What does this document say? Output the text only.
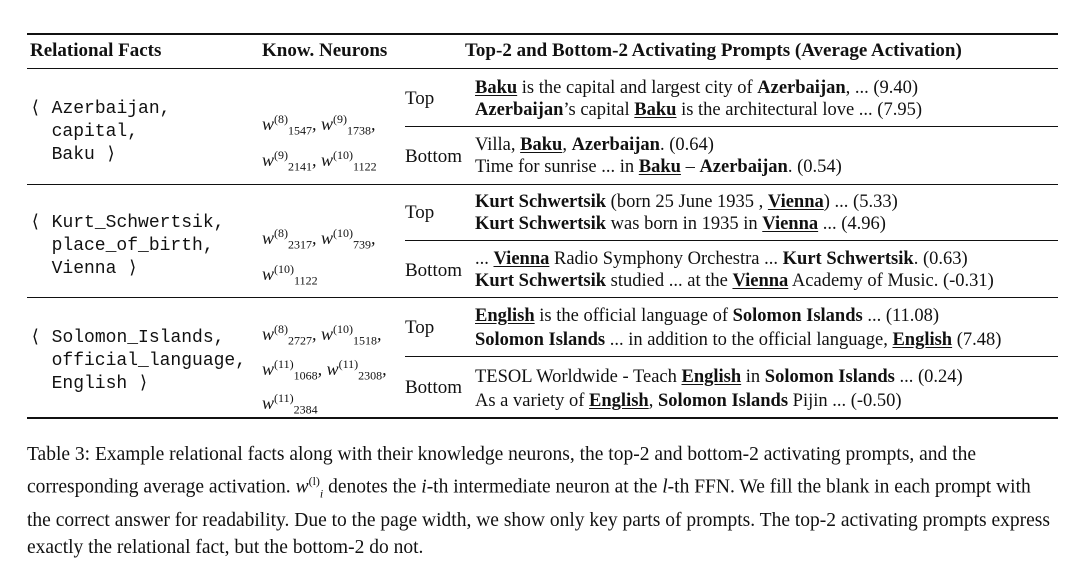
Relational Facts	Know. Neurons	Top-2 and Bottom-2 Activating Prompts (Average Activation)
⟨ Azerbaijan,
capital,
Baku ⟩
$w^{(8)}_{1547}$, $w^{(9)}_{1738}$,
$w^{(9)}_{2141}$, $w^{(10)}_{1122}$
Top
Bottom
Baku is the capital and largest city of Azerbaijan, ... (9.40)
Azerbaijan’s capital Baku is the architectural love ... (7.95)
Villa, Baku, Azerbaijan. (0.64)
Time for sunrise ... in Baku – Azerbaijan. (0.54)
⟨ Kurt_Schwertsik,
place_of_birth,
Vienna ⟩
$w^{(8)}_{2317}$, $w^{(10)}_{739}$,
$w^{(10)}_{1122}$
Top
Bottom
Kurt Schwertsik (born 25 June 1935 , Vienna) ... (5.33)
Kurt Schwertsik was born in 1935 in Vienna ... (4.96)
... Vienna Radio Symphony Orchestra ... Kurt Schwertsik. (0.63)
Kurt Schwertsik studied ... at the Vienna Academy of Music. (-0.31)
⟨ Solomon_Islands,
official_language,
English ⟩
$w^{(8)}_{2727}$, $w^{(10)}_{1518}$,
$w^{(11)}_{1068}$, $w^{(11)}_{2308}$,
$w^{(11)}_{2384}$
Top
Bottom
English is the official language of Solomon Islands ... (11.08)
Solomon Islands ... in addition to the official language, English (7.48)
TESOL Worldwide - Teach English in Solomon Islands ... (0.24)
As a variety of English, Solomon Islands Pijin ... (-0.50)
Table 3: Example relational facts along with their knowledge neurons, the top-2 and bottom-2 activating prompts, and the corresponding average activation. $w^{(l)}_i$ denotes the i-th intermediate neuron at the l-th FFN. We fill the blank in each prompt with the correct answer for readability. Due to the page width, we show only key parts of prompts. The top-2 activating prompts express exactly the relational fact, but the bottom-2 do not.
